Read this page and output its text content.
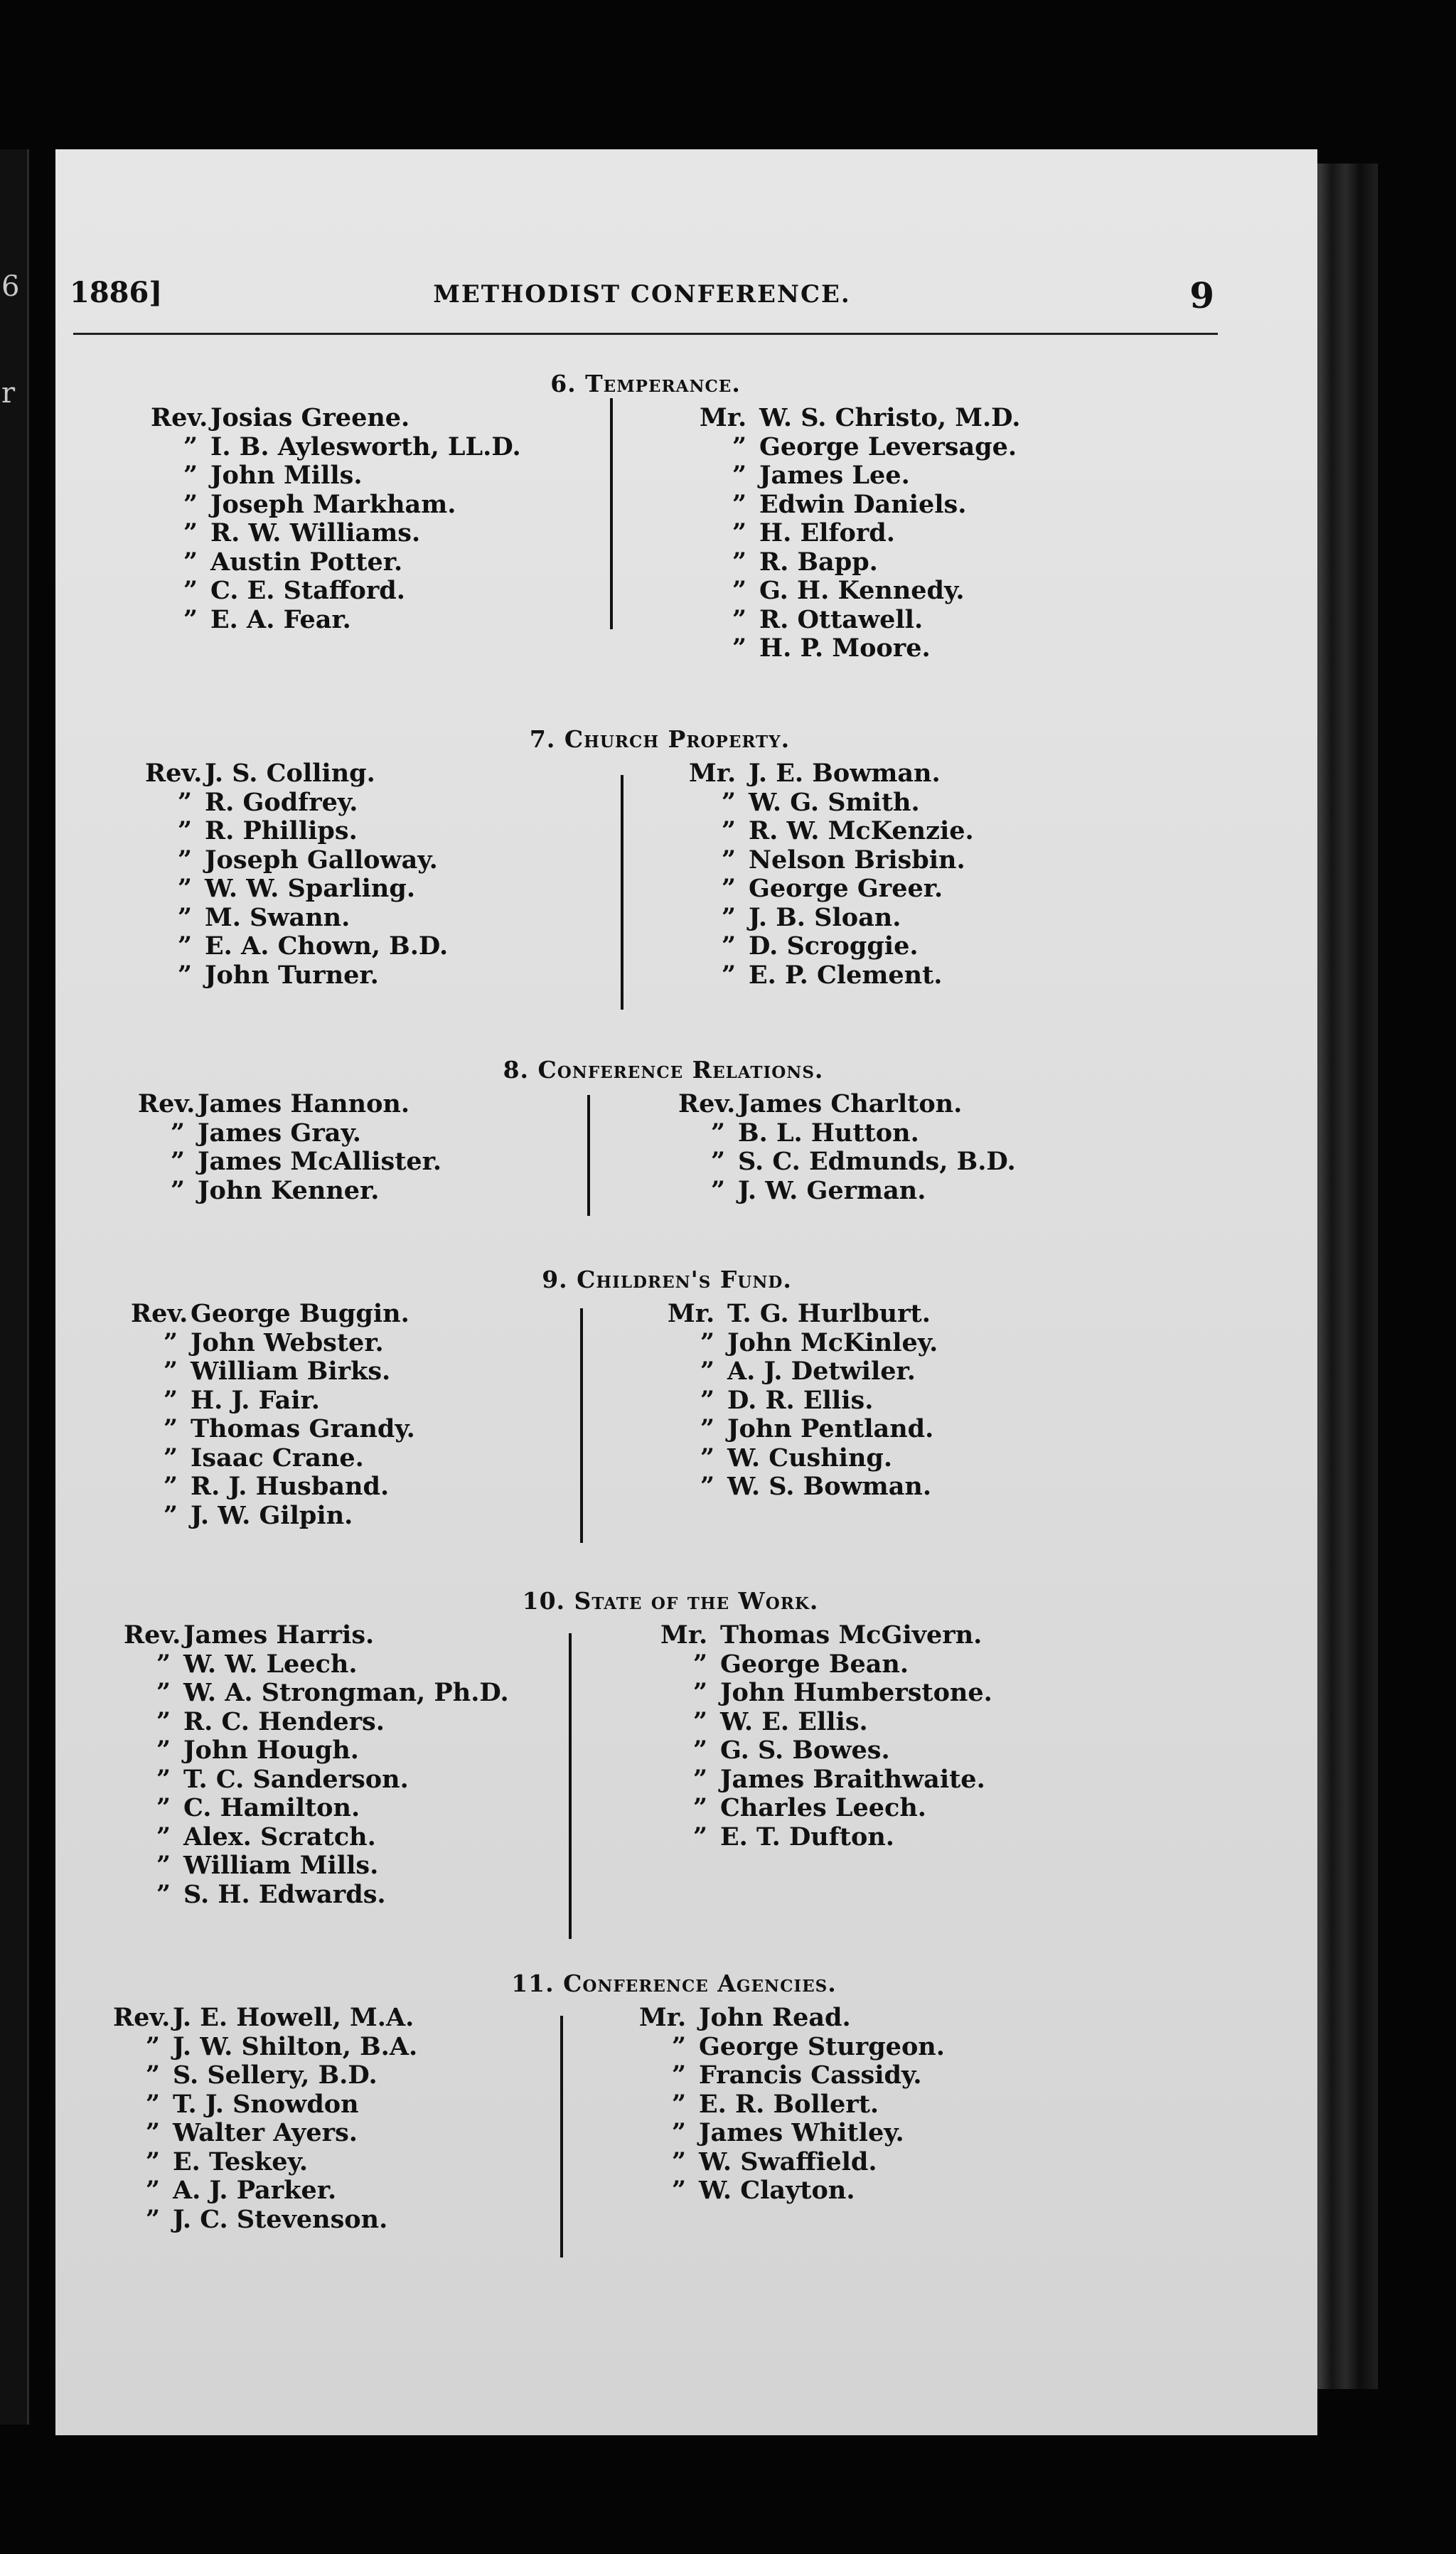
6
r
1886]	METHODIST CONFERENCE.	9
6. Temperance.
Rev.Josias Greene.
” I. B. Aylesworth, LL.D.
” John Mills.
” Joseph Markham.
” R. W. Williams.
” Austin Potter.
” C. E. Stafford.
” E. A. Fear.
Mr.W. S. Christo, M.D.
” George Leversage.
” James Lee.
” Edwin Daniels.
” H. Elford.
” R. Bapp.
” G. H. Kennedy.
” R. Ottawell.
” H. P. Moore.
7. Church Property.
Rev.J. S. Colling.
” R. Godfrey.
” R. Phillips.
” Joseph Galloway.
” W. W. Sparling.
” M. Swann.
” E. A. Chown, B.D.
” John Turner.
Mr.J. E. Bowman.
” W. G. Smith.
” R. W. McKenzie.
” Nelson Brisbin.
” George Greer.
” J. B. Sloan.
” D. Scroggie.
” E. P. Clement.
8. Conference Relations.
Rev.James Hannon.
” James Gray.
” James McAllister.
” John Kenner.
Rev.James Charlton.
” B. L. Hutton.
” S. C. Edmunds, B.D.
” J. W. German.
9. Children's Fund.
Rev.George Buggin.
” John Webster.
” William Birks.
” H. J. Fair.
” Thomas Grandy.
” Isaac Crane.
” R. J. Husband.
” J. W. Gilpin.
Mr.T. G. Hurlburt.
” John McKinley.
” A. J. Detwiler.
” D. R. Ellis.
” John Pentland.
” W. Cushing.
” W. S. Bowman.
10. State of the Work.
Rev.James Harris.
” W. W. Leech.
” W. A. Strongman, Ph.D.
” R. C. Henders.
” John Hough.
” T. C. Sanderson.
” C. Hamilton.
” Alex. Scratch.
” William Mills.
” S. H. Edwards.
Mr.Thomas McGivern.
” George Bean.
” John Humberstone.
” W. E. Ellis.
” G. S. Bowes.
” James Braithwaite.
” Charles Leech.
” E. T. Dufton.
11. Conference Agencies.
Rev.J. E. Howell, M.A.
” J. W. Shilton, B.A.
” S. Sellery, B.D.
” T. J. Snowdon
” Walter Ayers.
” E. Teskey.
” A. J. Parker.
” J. C. Stevenson.
Mr.John Read.
” George Sturgeon.
” Francis Cassidy.
” E. R. Bollert.
” James Whitley.
” W. Swaffield.
” W. Clayton.
